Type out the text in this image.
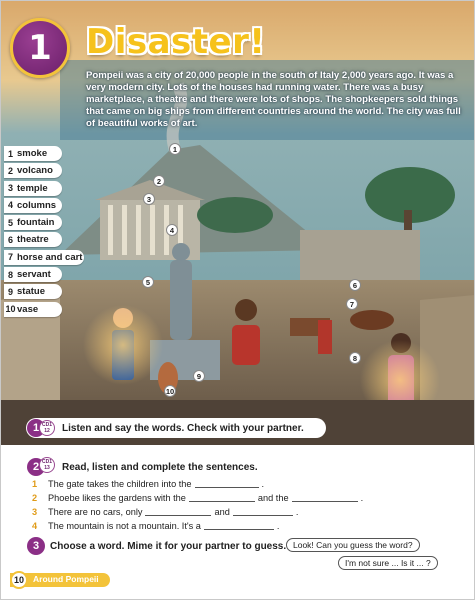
1	Disaster!

Pompeii was a city of 20,000 people in the south of Italy 2,000 years ago. It was a very modern city. Lots of the houses had running water. There was a busy marketplace, a theatre and there were lots of shops. The shopkeepers sold things that came on big ships from different countries around the world. The city was full of beautiful works of art.

1 smoke
2 volcano
3 temple
4 columns
5 fountain
6 theatre
7 horse and cart
8 servant
9 statue
10 vase
1
2
3
4
5	6
7
8
9
10
Listen and say the words. Check with your partner.
1 CD1
12
2 CD1
13 Read, listen and complete the sentences.
1	The gate takes the children into the	.
2	Phoebe likes the gardens with the	and the	.
3	There are no cars, only	and	.
4	The mountain is not a mountain. It's a	.
3	Choose a word. Mime it for your partner to guess. Look! Can you guess the word?
I'm not sure ... Is it ... ?
10	Around Pompeii
